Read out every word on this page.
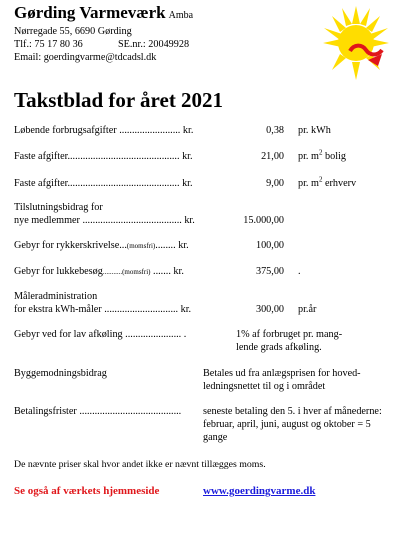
Gørding Varmeværk Amba
Nørregade 55, 6690 Gørding
Tlf.: 75 17 80 36	SE.nr.: 20049928
Email: goerdingvarme@tdcadsl.dk
Takstblad for året 2021
Løbende forbrugsafgifter ........................ kr.	0,38 pr. kWh
Faste afgifter............................................ kr.	21,00 pr. $m^2$ bolig
Faste afgifter............................................ kr.	9,00 pr. $m^2$ erhverv
Tilslutningsbidrag for
nye medlemmer ....................................... kr.	15.000,00
Gebyr for rykkerskrivelse...(momsfri)........ kr.	100,00
Gebyr for lukkebesøg...........(momsfri) ....... kr.	375,00 .
Måleradministration
for ekstra kWh-måler ............................. kr.	300,00 pr.år
Gebyr ved for lav afkøling ...................... .	1% af forbruget pr. mang-lende grads afkøling.
Byggemodningsbidrag	Betales ud fra anlægsprisen for hoved-ledningsnettet til og i området
Betalingsfrister ........................................ seneste betaling den 5. i hver af månederne: februar, april, juni, august og oktober = 5 gange
De nævnte priser skal hvor andet ikke er nævnt tillægges moms.
Se også af værkets hjemmeside	www.goerdingvarme.dk
